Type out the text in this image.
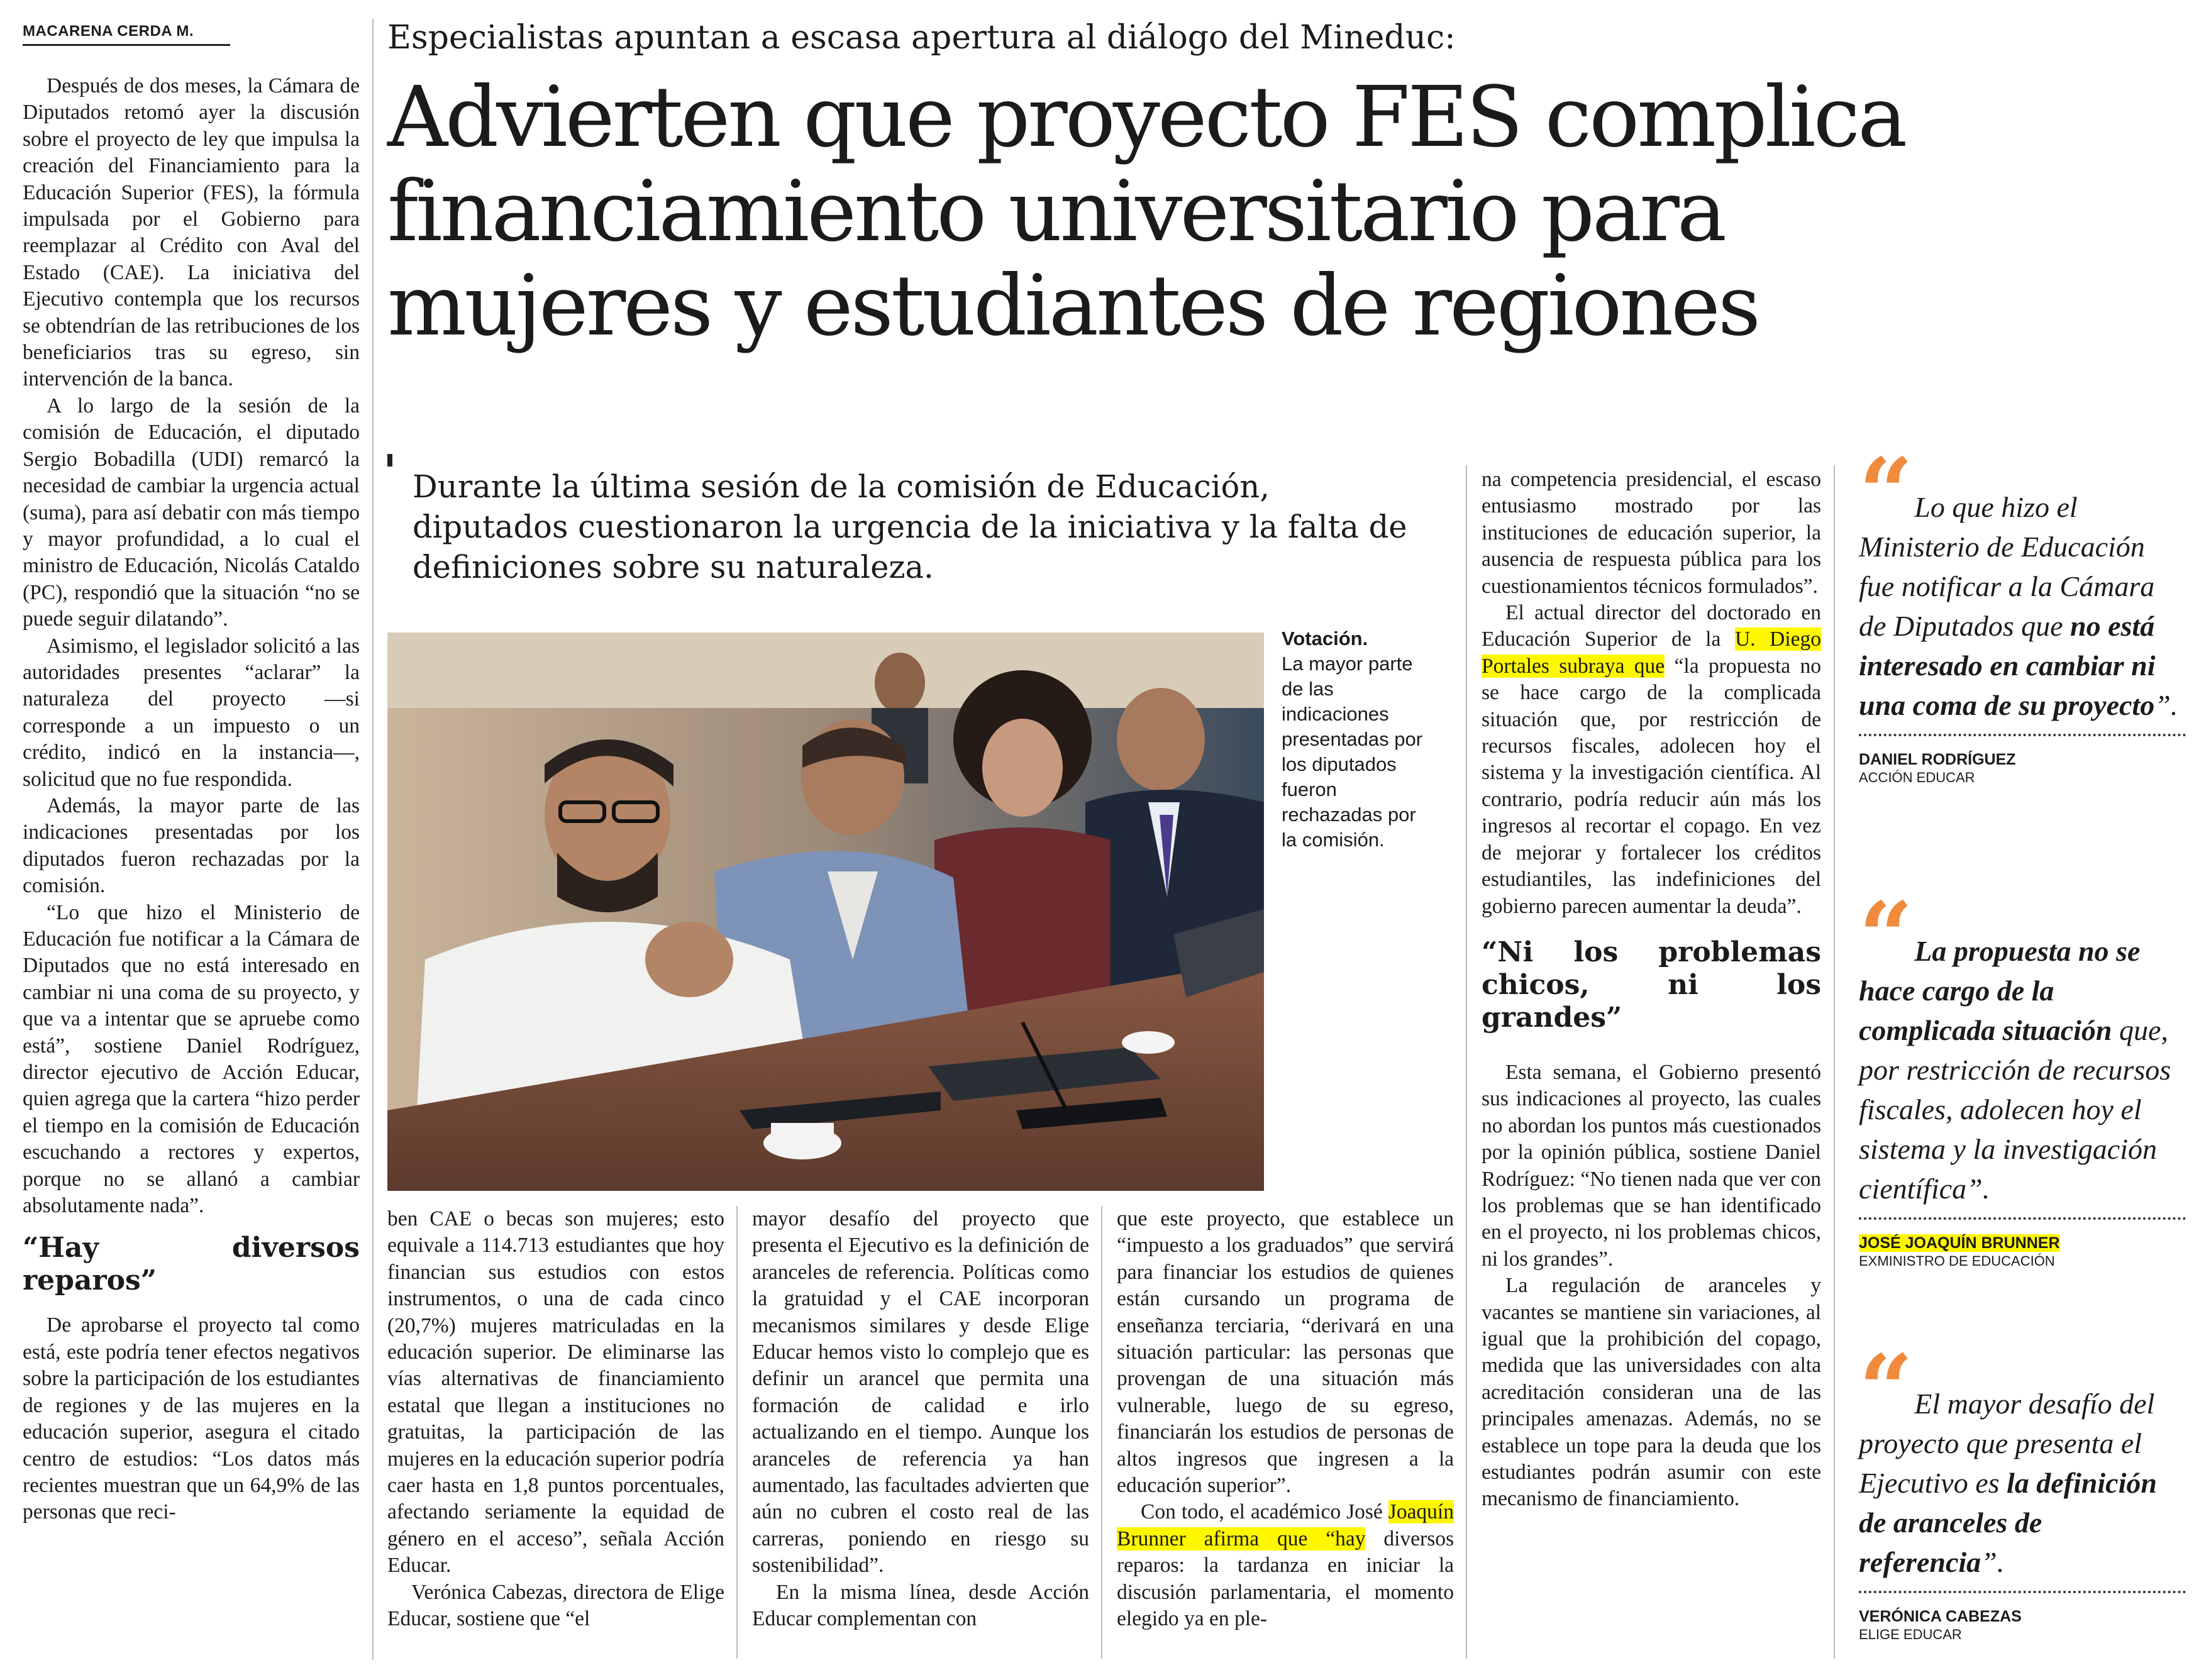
MACARENA CERDA M.

Después de dos meses, la Cámara de Diputados retomó ayer la discusión sobre el proyecto de ley que impulsa la creación del Financiamiento para la Educación Superior (FES), la fórmula impulsada por el Gobierno para reemplazar al Crédito con Aval del Estado (CAE). La iniciativa del Ejecutivo contempla que los recursos se obtendrían de las retribuciones de los beneficiarios tras su egreso, sin intervención de la banca.

A lo largo de la sesión de la comisión de Educación, el diputado Sergio Bobadilla (UDI) remarcó la necesidad de cambiar la urgencia actual (suma), para así debatir con más tiempo y mayor profundidad, a lo cual el ministro de Educación, Nicolás Cataldo (PC), respondió que la situación “no se puede seguir dilatando”.

Asimismo, el legislador solicitó a las autoridades presentes “aclarar” la naturaleza del proyecto —si corresponde a un impuesto o un crédito, indicó en la instancia—, solicitud que no fue respondida.

Además, la mayor parte de las indicaciones presentadas por los diputados fueron rechazadas por la comisión.

“Lo que hizo el Ministerio de Educación fue notificar a la Cámara de Diputados que no está interesado en cambiar ni una coma de su proyecto, y que va a intentar que se apruebe como está”, sostiene Daniel Rodríguez, director ejecutivo de Acción Educar, quien agrega que la cartera “hizo perder el tiempo en la comisión de Educación escuchando a rectores y expertos, porque no se allanó a cambiar absolutamente nada”.

“Hay diversos reparos”

De aprobarse el proyecto tal como está, este podría tener efectos negativos sobre la participación de los estudiantes de regiones y de las mujeres en la educación superior, asegura el citado centro de estudios: “Los datos más recientes muestran que un 64,9% de las personas que reci-

Especialistas apuntan a escasa apertura al diálogo del Mineduc:
Advierten que proyecto FES complica
financiamiento universitario para
mujeres y estudiantes de regiones
Durante la última sesión de la comisión de Educación,
diputados cuestionaron la urgencia de la iniciativa y la falta de
definiciones sobre su naturaleza.
Votación.
La mayor parte de las indicaciones presentadas por los diputados fueron rechazadas por la comisión.

ben CAE o becas son mujeres; esto equivale a 114.713 estudiantes que hoy financian sus estudios con estos instrumentos, o una de cada cinco (20,7%) mujeres matriculadas en la educación superior. De eliminarse las vías alternativas de financiamiento estatal que llegan a instituciones no gratuitas, la participación de las mujeres en la educación superior podría caer hasta en 1,8 puntos porcentuales, afectando seriamente la equidad de género en el acceso”, señala Acción Educar.

Verónica Cabezas, directora de Elige Educar, sostiene que “el

mayor desafío del proyecto que presenta el Ejecutivo es la definición de aranceles de referencia. Políticas como la gratuidad y el CAE incorporan mecanismos similares y desde Elige Educar hemos visto lo complejo que es definir un arancel que permita una formación de calidad e irlo actualizando en el tiempo. Aunque los aranceles de referencia ya han aumentado, las facultades advierten que aún no cubren el costo real de las carreras, poniendo en riesgo su sostenibilidad”.

En la misma línea, desde Acción Educar complementan con

que este proyecto, que establece un “impuesto a los graduados” que servirá para financiar los estudios de quienes están cursando un programa de enseñanza terciaria, “derivará en una situación particular: las personas que provengan de una situación más vulnerable, luego de su egreso, financiarán los estudios de personas de altos ingresos que ingresen a la educación superior”.

Con todo, el académico José Joaquín Brunner afirma que “hay diversos reparos: la tardanza en iniciar la discusión parlamentaria, el momento elegido ya en ple-

na competencia presidencial, el escaso entusiasmo mostrado por las instituciones de educación superior, la ausencia de respuesta pública para los cuestionamientos técnicos formulados”.

El actual director del doctorado en Educación Superior de la U. Diego Portales subraya que “la propuesta no se hace cargo de la complicada situación que, por restricción de recursos fiscales, adolecen hoy el sistema y la investigación científica. Al contrario, podría reducir aún más los ingresos al recortar el copago. En vez de mejorar y fortalecer los créditos estudiantiles, las indefiniciones del gobierno parecen aumentar la deuda”.

“Ni los problemas chicos, ni los grandes”

Esta semana, el Gobierno presentó sus indicaciones al proyecto, las cuales no abordan los puntos más cuestionados por la opinión pública, sostiene Daniel Rodríguez: “No tienen nada que ver con los problemas que se han identificado en el proyecto, ni los problemas chicos, ni los grandes”.

La regulación de aranceles y vacantes se mantiene sin variaciones, al igual que la prohibición del copago, medida que las universidades con alta acreditación consideran una de las principales amenazas. Además, no se establece un tope para la deuda que los estudiantes podrán asumir con este mecanismo de financiamiento.

“ Lo que hizo el Ministerio de Educación fue notificar a la Cámara de Diputados que no está interesado en cambiar ni una coma de su proyecto”.
DANIEL RODRÍGUEZ
ACCIÓN EDUCAR
“ La propuesta no se hace cargo de la complicada situación que, por restricción de recursos fiscales, adolecen hoy el sistema y la investigación científica”.
JOSÉ JOAQUÍN BRUNNER
EXMINISTRO DE EDUCACIÓN
“ El mayor desafío del proyecto que presenta el Ejecutivo es la definición de aranceles de referencia”.
VERÓNICA CABEZAS
ELIGE EDUCAR
